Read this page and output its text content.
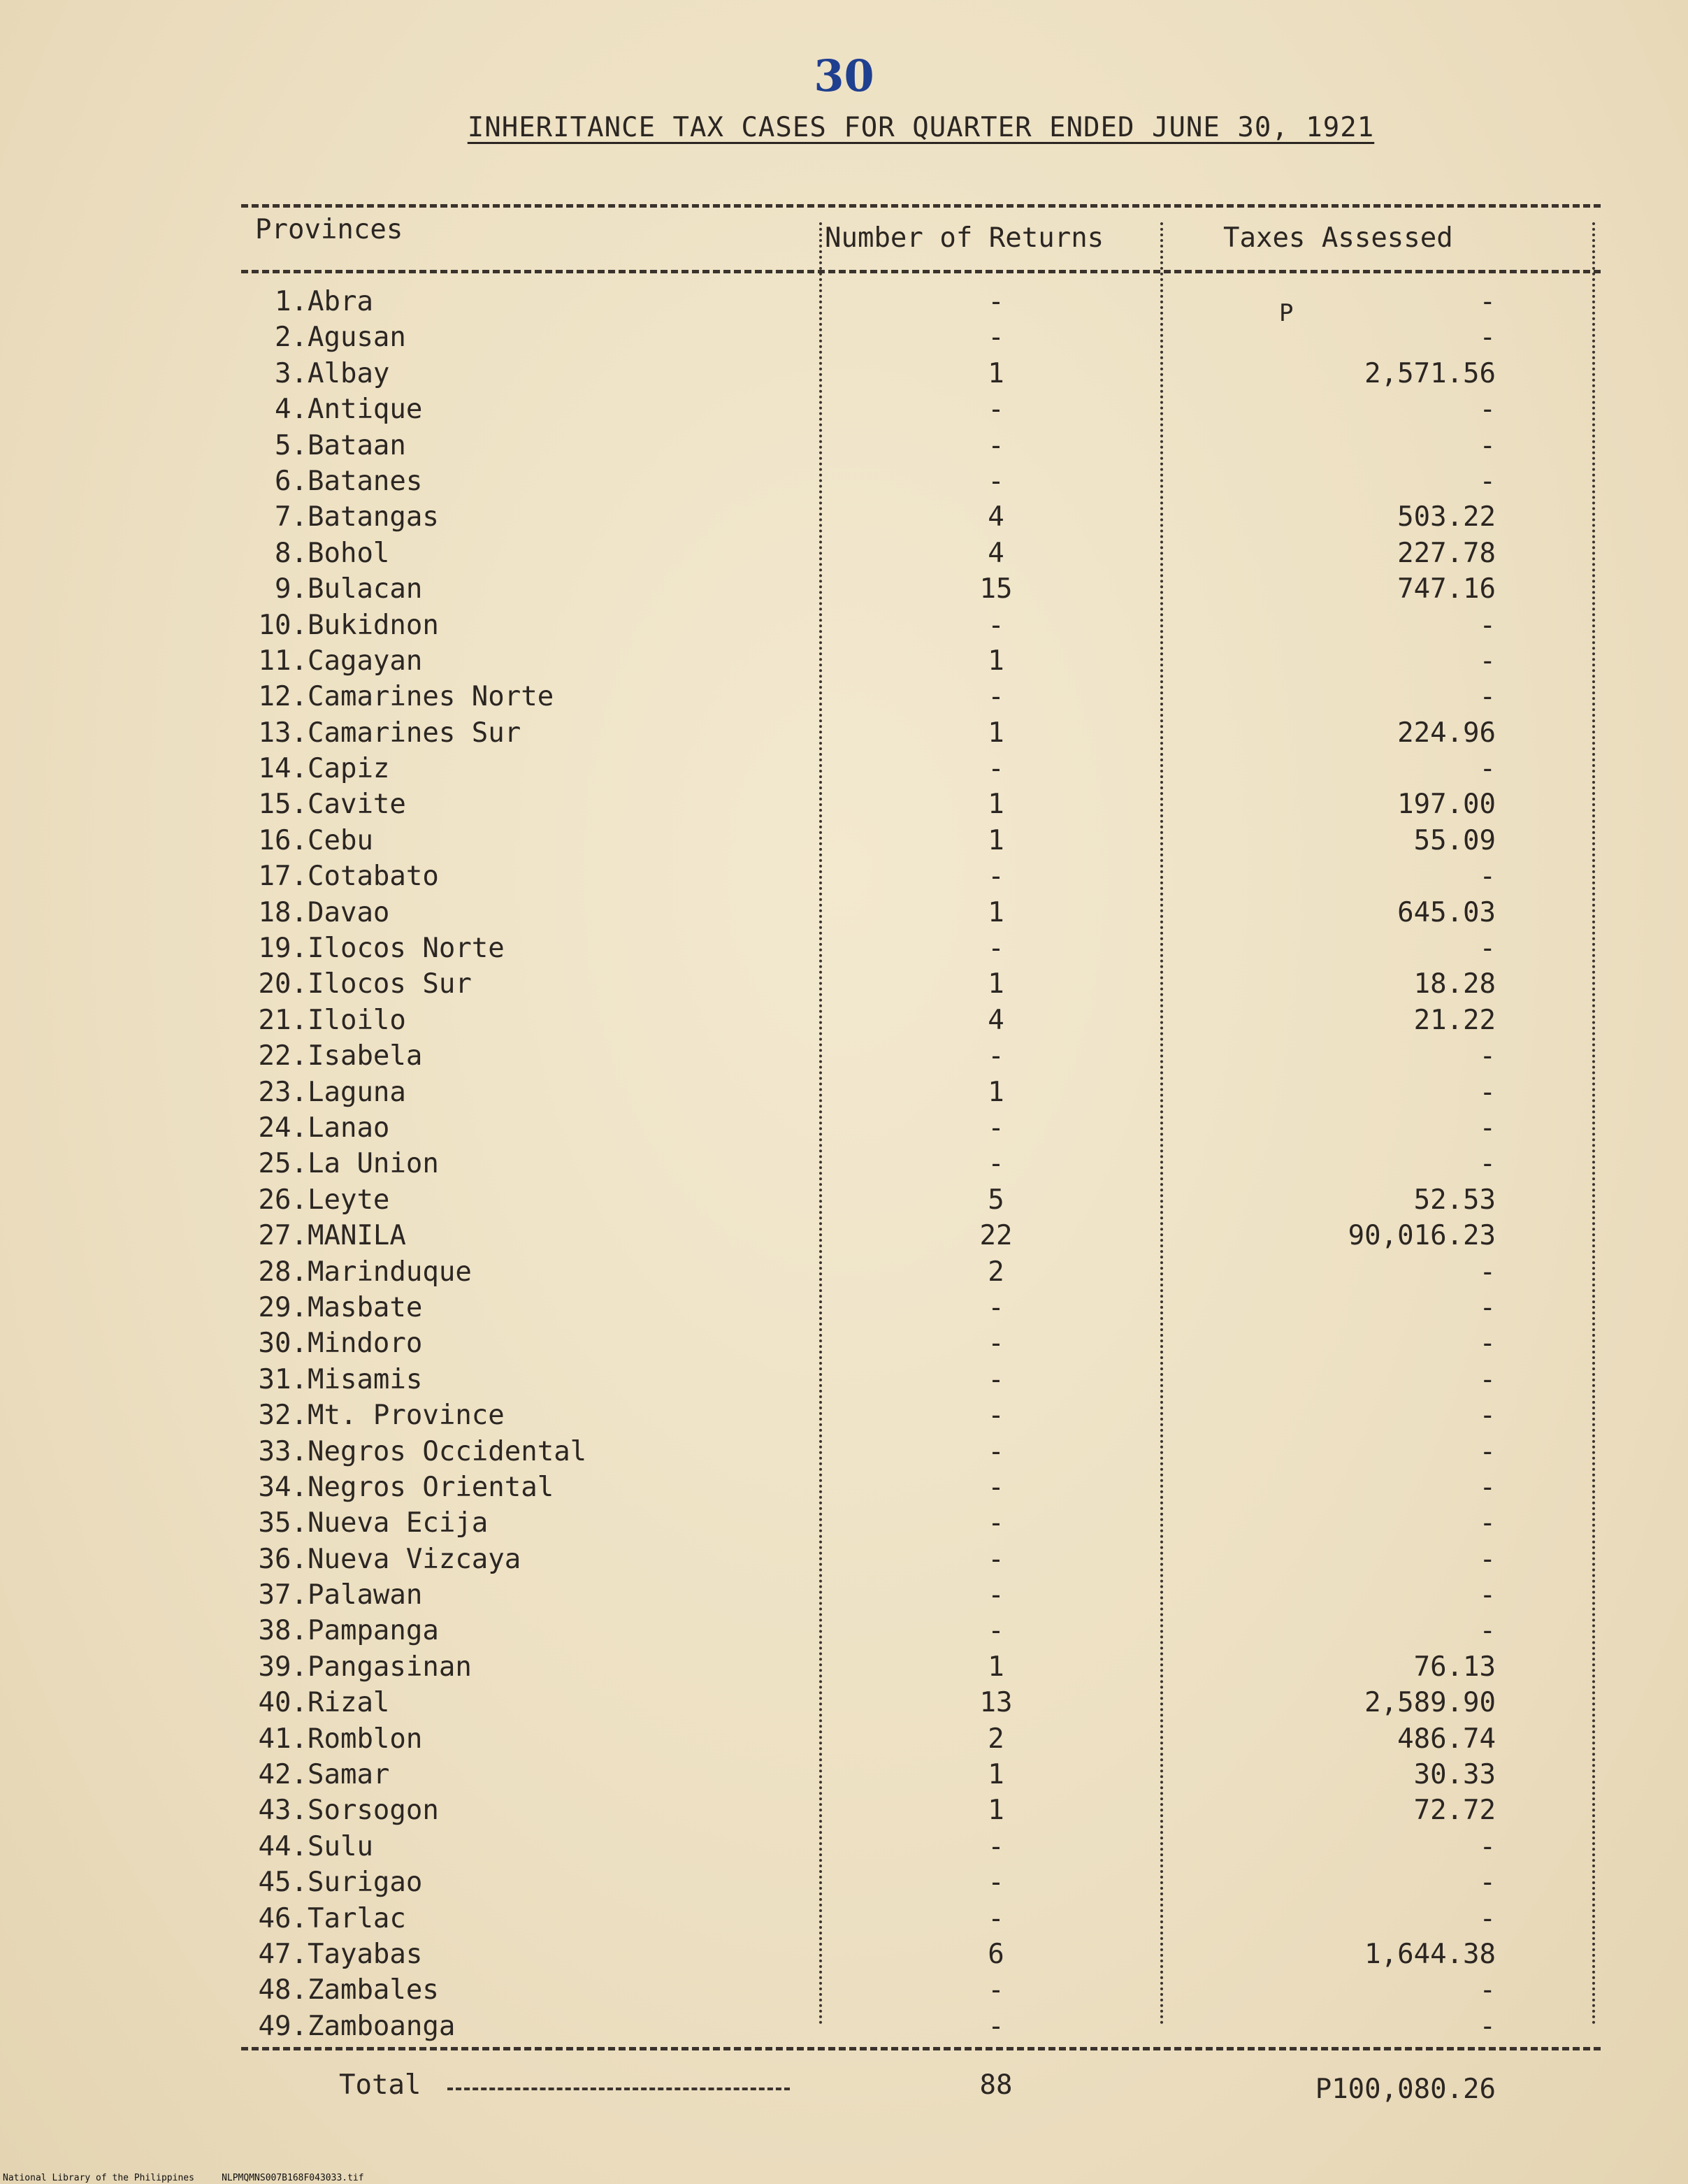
30
INHERITANCE TAX CASES FOR QUARTER ENDED JUNE 30, 1921
Provinces	Number of Returns	Taxes Assessed
P
1. Abra	-	-
2. Agusan	-	-
3. Albay	1	2,571.56
4. Antique	-	-
5. Bataan	-	-
6. Batanes	-	-
7. Batangas	4	503.22
8. Bohol	4	227.78
9. Bulacan	15	747.16
10. Bukidnon	-	-
11. Cagayan	1	-
12. Camarines Norte	-	-
13. Camarines Sur	1	224.96
14. Capiz	-	-
15. Cavite	1	197.00
16. Cebu	1	55.09
17. Cotabato	-	-
18. Davao	1	645.03
19. Ilocos Norte	-	-
20. Ilocos Sur	1	18.28
21. Iloilo	4	21.22
22. Isabela	-	-
23. Laguna	1	-
24. Lanao	-	-
25. La Union	-	-
26. Leyte	5	52.53
27. MANILA	22	90,016.23
28. Marinduque	2	-
29. Masbate	-	-
30. Mindoro	-	-
31. Misamis	-	-
32. Mt. Province	-	-
33. Negros Occidental	-	-
34. Negros Oriental	-	-
35. Nueva Ecija	-	-
36. Nueva Vizcaya	-	-
37. Palawan	-	-
38. Pampanga	-	-
39. Pangasinan	1	76.13
40. Rizal	13	2,589.90
41. Romblon	2	486.74
42. Samar	1	30.33
43. Sorsogon	1	72.72
44. Sulu	-	-
45. Surigao	-	-
46. Tarlac	-	-
47. Tayabas	6	1,644.38
48. Zambales	-	-
49. Zamboanga	-	-
Total	88	P100,080.26
National Library of the Philippines	NLPMQMNS007B168F043033.tif
